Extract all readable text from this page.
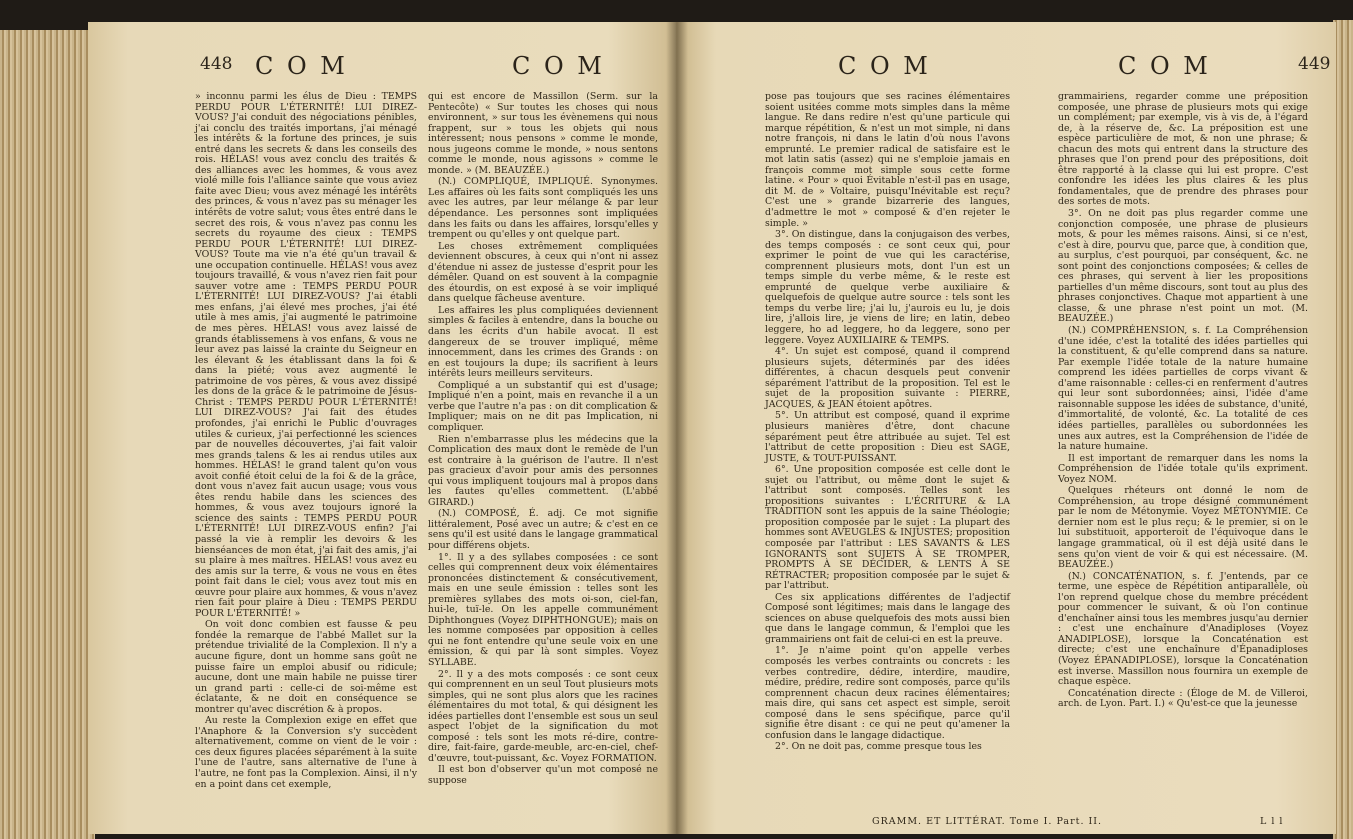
448 C O M	C O M	C O M	C O M	449

» inconnu parmi les élus de Dieu : TEMPS PERDU POUR L'ÉTERNITÉ! LUI DIREZ-VOUS? J'ai conduit des négociations pénibles, j'ai conclu des traités importans, j'ai ménagé les intérêts & la fortune des princes, je suis entré dans les secrets & dans les conseils des rois. HÉLAS! vous avez conclu des traités & des alliances avec les hommes, & vous avez violé mille fois l'alliance sainte que vous aviez faite avec Dieu; vous avez ménagé les intérêts des princes, & vous n'avez pas su ménager les intérêts de votre salut; vous êtes entré dans le secret des rois, & vous n'avez pas connu les secrets du royaume des cieux : TEMPS PERDU POUR L'ÉTERNITÉ! LUI DIREZ-VOUS? Toute ma vie n'a été qu'un travail & une occupation continuelle. HÉLAS! vous avez toujours travaillé, & vous n'avez rien fait pour sauver votre ame : TEMPS PERDU POUR L'ÉTERNITÉ! LUI DIREZ-VOUS? J'ai établi mes enfans, j'ai élevé mes proches, j'ai été utile à mes amis, j'ai augmenté le patrimoine de mes pères. HÉLAS! vous avez laissé de grands établissemens à vos enfans, & vous ne leur avez pas laissé la crainte du Seigneur en les élevant & les établissant dans la foi & dans la piété; vous avez augmenté le patrimoine de vos pères, & vous avez dissipé les dons de la grâce & le patrimoine de Jésus-Christ : TEMPS PERDU POUR L'ÉTERNITÉ! LUI DIREZ-VOUS? J'ai fait des études profondes, j'ai enrichi le Public d'ouvrages utiles & curieux, j'ai perfectionné les sciences par de nouvelles découvertes, j'ai fait valoir mes grands talens & les ai rendus utiles aux hommes. HÉLAS! le grand talent qu'on vous avoit confié étoit celui de la foi & de la grâce, dont vous n'avez fait aucun usage; vous vous êtes rendu habile dans les sciences des hommes, & vous avez toujours ignoré la science des saints : TEMPS PERDU POUR L'ÉTERNITÉ! LUI DIREZ-VOUS enfin? J'ai passé la vie à remplir les devoirs & les bienséances de mon état, j'ai fait des amis, j'ai su plaire à mes maîtres. HÉLAS! vous avez eu des amis sur la terre, & vous ne vous en êtes point fait dans le ciel; vous avez tout mis en œuvre pour plaire aux hommes, & vous n'avez rien fait pour plaire à Dieu : TEMPS PERDU POUR L'ÉTERNITÉ! »

On voit donc combien est fausse & peu fondée la remarque de l'abbé Mallet sur la prétendue trivialité de la Complexion. Il n'y a aucune figure, dont un homme sans goût ne puisse faire un emploi abusif ou ridicule; aucune, dont une main habile ne puisse tirer un grand parti : celle-ci de soi-même est éclatante, & ne doit en conséquence se montrer qu'avec discrétion & à propos.

Au reste la Complexion exige en effet que l'Anaphore & la Conversion s'y succèdent alternativement, comme on vient de le voir : ces deux figures placées séparément à la suite l'une de l'autre, sans alternative de l'une à l'autre, ne font pas la Complexion. Ainsi, il n'y en a point dans cet exemple,

qui est encore de Massillon (Serm. sur la Pentecôte) « Sur toutes les choses qui nous environnent, » sur tous les évènemens qui nous frappent, sur » tous les objets qui nous intéressent; nous pensons » comme le monde, nous jugeons comme le monde, » nous sentons comme le monde, nous agissons » comme le monde. » (M. BEAUZÉE.)

(N.) COMPLIQUÉ, IMPLIQUÉ. Synonymes. Les affaires où les faits sont compliqués les uns avec les autres, par leur mélange & par leur dépendance. Les personnes sont impliquées dans les faits ou dans les affaires, lorsqu'elles y trempent ou qu'elles y ont quelque part.

Les choses extrêmement compliquées deviennent obscures, à ceux qui n'ont ni assez d'étendue ni assez de justesse d'esprit pour les démêler. Quand on est souvent à la compagnie des étourdis, on est exposé à se voir impliqué dans quelque fâcheuse aventure.

Les affaires les plus compliquées deviennent simples & faciles à entendre, dans la bouche ou dans les écrits d'un habile avocat. Il est dangereux de se trouver impliqué, même innocemment, dans les crimes des Grands : on en est toujours la dupe; ils sacrifient à leurs intérêts leurs meilleurs serviteurs.

Compliqué a un substantif qui est d'usage; Impliqué n'en a point, mais en revanche il a un verbe que l'autre n'a pas : on dit complication & Impliquer; mais on ne dit pas Implication, ni compliquer.

Rien n'embarrasse plus les médecins que la Complication des maux dont le remède de l'un est contraire à la guérison de l'autre. Il n'est pas gracieux d'avoir pour amis des personnes qui vous impliquent toujours mal à propos dans les fautes qu'elles commettent. (L'abbé GIRARD.)

(N.) COMPOSÉ, É. adj. Ce mot signifie littéralement, Posé avec un autre; & c'est en ce sens qu'il est usité dans le langage grammatical pour différens objets.

1°. Il y a des syllabes composées : ce sont celles qui comprennent deux voix élémentaires prononcées distinctement & consécutivement, mais en une seule émission : telles sont les premières syllabes des mots oi-son, ciel-fan, hui-le, tuï-le. On les appelle communément Diphthongues (Voyez DIPHTHONGUE); mais on les nomme composées par opposition à celles qui ne font entendre qu'une seule voix en une émission, & qui par là sont simples. Voyez SYLLABE.

2°. Il y a des mots composés : ce sont ceux qui comprennent en un seul Tout plusieurs mots simples, qui ne sont plus alors que les racines élémentaires du mot total, & qui désignent les idées partielles dont l'ensemble est sous un seul aspect l'objet de la signification du mot composé : tels sont les mots ré-dire, contre-dire, fait-faire, garde-meuble, arc-en-ciel, chef-d'œuvre, tout-puissant, &c. Voyez FORMATION.

Il est bon d'observer qu'un mot composé ne suppose

pose pas toujours que ses racines élémentaires soient usitées comme mots simples dans la même langue. Re dans redire n'est qu'une particule qui marque répétition, & n'est un mot simple, ni dans notre françois, ni dans le latin d'où nous l'avons emprunté. Le premier radical de satisfaire est le mot latin satis (assez) qui ne s'emploie jamais en françois comme mot simple sous cette forme latine. « Pour » quoi Évitable n'est-il pas en usage, dit M. de » Voltaire, puisqu'Inévitable est reçu? C'est une » grande bizarrerie des langues, d'admettre le mot » composé & d'en rejeter le simple. »

3°. On distingue, dans la conjugaison des verbes, des temps composés : ce sont ceux qui, pour exprimer le point de vue qui les caractérise, comprennent plusieurs mots, dont l'un est un temps simple du verbe même, & le reste est emprunté de quelque verbe auxiliaire & quelquefois de quelque autre source : tels sont les temps du verbe lire; j'ai lu, j'aurois eu lu, je dois lire, j'allois lire, je viens de lire; en latin, debeo leggere, ho ad leggere, ho da leggere, sono per leggere. Voyez AUXILIAIRE & TEMPS.

4°. Un sujet est composé, quand il comprend plusieurs sujets, déterminés par des idées différentes, à chacun desquels peut convenir séparément l'attribut de la proposition. Tel est le sujet de la proposition suivante : PIERRE, JACQUES, & JEAN étoient apôtres.

5°. Un attribut est composé, quand il exprime plusieurs manières d'être, dont chacune séparément peut être attribuée au sujet. Tel est l'attribut de cette proposition : Dieu est SAGE, JUSTE, & TOUT-PUISSANT.

6°. Une proposition composée est celle dont le sujet ou l'attribut, ou même dont le sujet & l'attribut sont composés. Telles sont les propositions suivantes : L'ÉCRITURE & LA TRADITION sont les appuis de la saine Théologie; proposition composée par le sujet : La plupart des hommes sont AVEUGLES & INJUSTES; proposition composée par l'attribut : LES SAVANTS & LES IGNORANTS sont SUJETS À SE TROMPER, PROMPTS À SE DÉCIDER, & LENTS À SE RÉTRACTER; proposition composée par le sujet & par l'attribut.

Ces six applications différentes de l'adjectif Composé sont légitimes; mais dans le langage des sciences on abuse quelquefois des mots aussi bien que dans le langage commun, & l'emploi que les grammairiens ont fait de celui-ci en est la preuve.

1°. Je n'aime point qu'on appelle verbes composés les verbes contraints ou concrets : les verbes contredire, dédire, interdire, maudire, médire, prédire, redire sont composés, parce qu'ils comprennent chacun deux racines élémentaires; mais dire, qui sans cet aspect est simple, seroit composé dans le sens spécifique, parce qu'il signifie être disant : ce qui ne peut qu'amener la confusion dans le langage didactique.

2°. On ne doit pas, comme presque tous les

grammairiens, regarder comme une préposition composée, une phrase de plusieurs mots qui exige un complément; par exemple, vis à vis de, à l'égard de, à la réserve de, &c. La préposition est une espèce particulière de mot, & non une phrase; & chacun des mots qui entrent dans la structure des phrases que l'on prend pour des prépositions, doit être rapporté à la classe qui lui est propre. C'est confondre les idées les plus claires & les plus fondamentales, que de prendre des phrases pour des sortes de mots.

3°. On ne doit pas plus regarder comme une conjonction composée, une phrase de plusieurs mots, & pour les mêmes raisons. Ainsi, si ce n'est, c'est à dire, pourvu que, parce que, à condition que, au surplus, c'est pourquoi, par conséquent, &c. ne sont point des conjonctions composées; & celles de ces phrases, qui servent à lier les propositions partielles d'un même discours, sont tout au plus des phrases conjonctives. Chaque mot appartient à une classe, & une phrase n'est point un mot. (M. BEAUZÉE.)

(N.) COMPRÉHENSION, s. f. La Compréhension d'une idée, c'est la totalité des idées partielles qui la constituent, & qu'elle comprend dans sa nature. Par exemple l'idée totale de la nature humaine comprend les idées partielles de corps vivant & d'ame raisonnable : celles-ci en renferment d'autres qui leur sont subordonnées; ainsi, l'idée d'ame raisonnable suppose les idées de substance, d'unité, d'immortalité, de volonté, &c. La totalité de ces idées partielles, parallèles ou subordonnées les unes aux autres, est la Compréhension de l'idée de la nature humaine.

Il est important de remarquer dans les noms la Compréhension de l'idée totale qu'ils expriment. Voyez NOM.

Quelques rhéteurs ont donné le nom de Compréhension, au trope désigné communément par le nom de Métonymie. Voyez MÉTONYMIE. Ce dernier nom est le plus reçu; & le premier, si on le lui substituoit, apporteroit de l'équivoque dans le langage grammatical, où il est déjà usité dans le sens qu'on vient de voir & qui est nécessaire. (M. BEAUZÉE.)

(N.) CONCATÉNATION, s. f. J'entends, par ce terme, une espèce de Répétition antiparallèle, où l'on reprend quelque chose du membre précédent pour commencer le suivant, & où l'on continue d'enchaîner ainsi tous les membres jusqu'au dernier : c'est une enchaînure d'Anadiploses (Voyez ANADIPLOSE), lorsque la Concaténation est directe; c'est une enchaînure d'Épanadiploses (Voyez ÉPANADIPLOSE), lorsque la Concaténation est inverse. Massillon nous fournira un exemple de chaque espèce.

Concaténation directe : (Éloge de M. de Villeroi, arch. de Lyon. Part. I.) « Qu'est-ce que la jeunesse

GRAMM. ET LITTÉRAT. Tome I. Part. II.	L l l
